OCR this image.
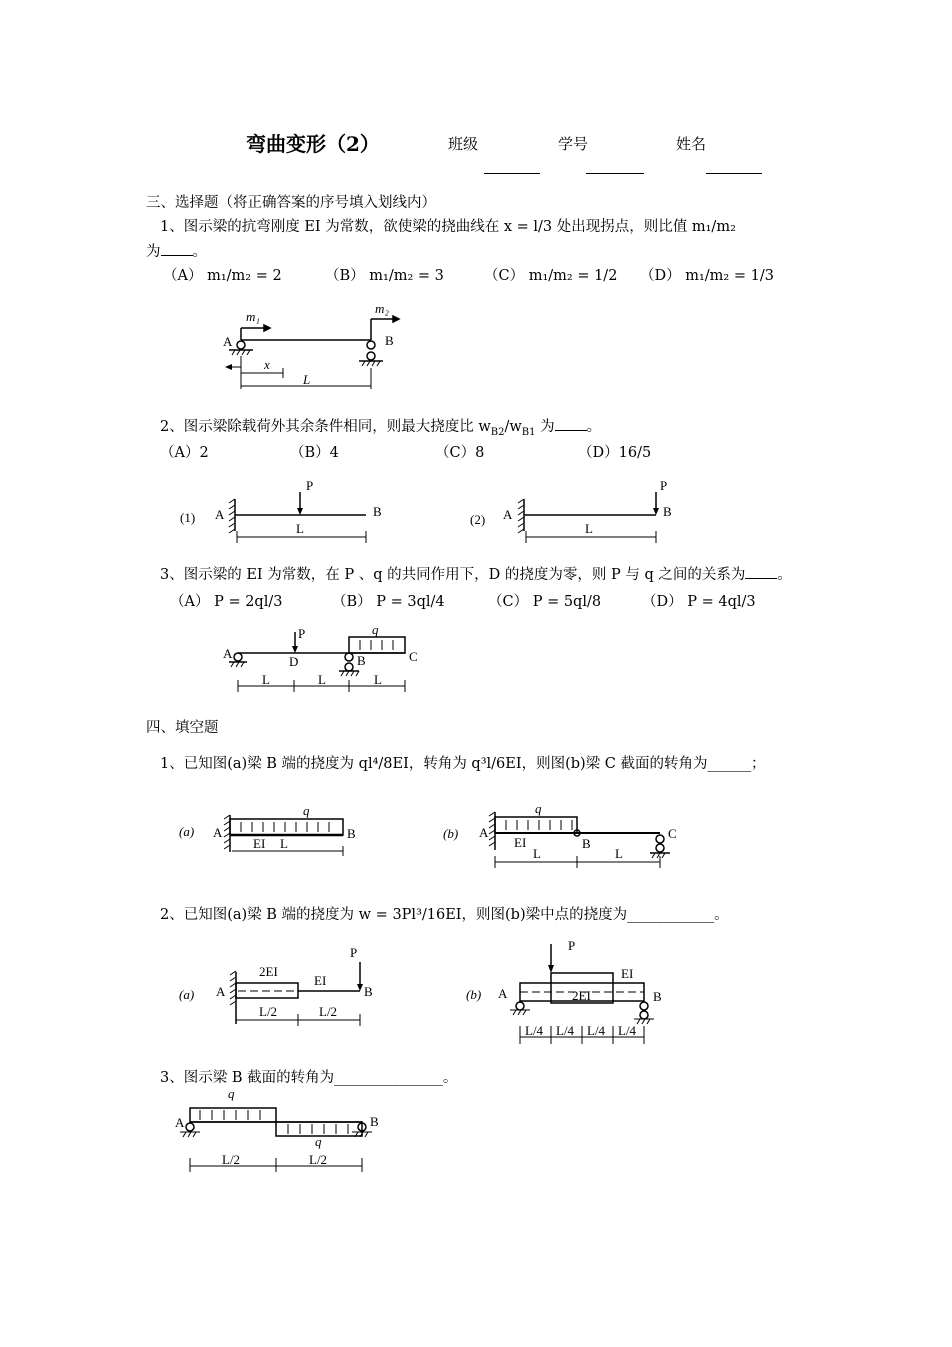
弯曲变形（2）	班级	学号	姓名
三、选择题（将正确答案的序号填入划线内）
1、图示梁的抗弯刚度 EI 为常数，欲使梁的挠曲线在 x = l/3 处出现拐点，则比值 m₁/m₂
为 。
（A） m₁/m₂ = 2	（B） m₁/m₂ = 3	（C） m₁/m₂ = 1/2 （D） m₁/m₂ = 1/3
m₁
m₂
A	B
x
L
2、图示梁除载荷外其余条件相同，则最大挠度比 $w_{B2}/w_{B1}$ 为 。
（A）2	（B）4	（C）8	（D）16/5
(1) A	B
P
L
(2) A	B
P
L
3、图示梁的 EI 为常数，在 P 、q 的共同作用下，D 的挠度为零，则 P 与 q 之间的关系为 。
（A） P = 2ql/3	（B） P = 3ql/4	（C） P = 5ql/8	（D） P = 4ql/3
A
D	B	C
P	q
L	L	L
四、填空题
1、已知图(a)梁 B 端的挠度为 ql⁴/8EI，转角为 q³l/6EI，则图(b)梁 C 截面的转角为______；
(a) A	B
q
EI L
(b) A
q
EI	B
C
L	L
2、已知图(a)梁 B 端的挠度为 w = 3Pl³/16EI，则图(b)梁中点的挠度为____________。
(a) A
2EI
EI
P
B
L/2	L/2
(b) A
P
EI
2EI	B
L/4 L/4 L/4 L/4
3、图示梁 B 截面的转角为_______________。
q
q
A	B
L/2	L/2
